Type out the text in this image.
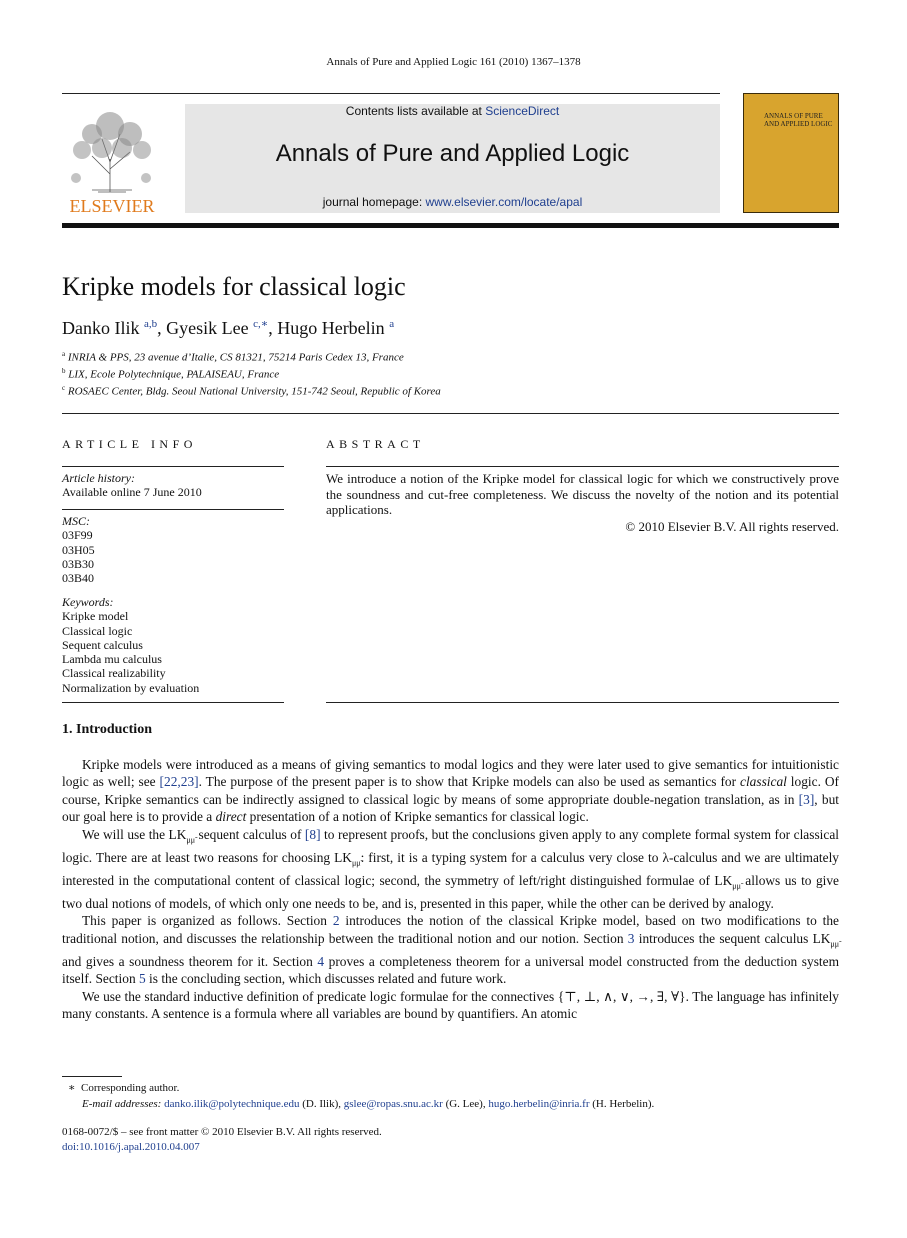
Annals of Pure and Applied Logic 161 (2010) 1367–1378
ELSEVIER
Contents lists available at ScienceDirect
Annals of Pure and Applied Logic
journal homepage: www.elsevier.com/locate/apal
ANNALS OF PURE AND APPLIED LOGIC
Kripke models for classical logic
Danko Ilik $^{a,b}$, Gyesik Lee $^{c,∗}$, Hugo Herbelin $^a$
$^a$ INRIA & PPS, 23 avenue d’Italie, CS 81321, 75214 Paris Cedex 13, France
$^b$ LIX, Ecole Polytechnique, PALAISEAU, France
$^c$ ROSAEC Center, Bldg. Seoul National University, 151-742 Seoul, Republic of Korea
ARTICLE INFO
Article history:
Available online 7 June 2010
MSC:
03F99
03H05
03B30
03B40
Keywords:
Kripke model
Classical logic
Sequent calculus
Lambda mu calculus
Classical realizability
Normalization by evaluation
ABSTRACT
We introduce a notion of the Kripke model for classical logic for which we constructively prove the soundness and cut-free completeness. We discuss the novelty of the notion and its potential applications.
© 2010 Elsevier B.V. All rights reserved.
1. Introduction

Kripke models were introduced as a means of giving semantics to modal logics and they were later used to give semantics for intuitionistic logic as well; see [22,23]. The purpose of the present paper is to show that Kripke models can also be used as semantics for classical logic. Of course, Kripke semantics can be indirectly assigned to classical logic by means of some appropriate double-negation translation, as in [3], but our goal here is to provide a direct presentation of a notion of Kripke semantics for classical logic.

We will use the $LK_{\mu\mũ}$ sequent calculus of [8] to represent proofs, but the conclusions given apply to any complete formal system for classical logic. There are at least two reasons for choosing $LK_{\mu\mũ}$: first, it is a typing system for a calculus very close to λ-calculus and we are ultimately interested in the computational content of classical logic; second, the symmetry of left/right distinguished formulae of $LK_{\mu\mũ}$ allows us to give two dual notions of models, of which only one needs to be, and is, presented in this paper, while the other can be derived by analogy.

This paper is organized as follows. Section 2 introduces the notion of the classical Kripke model, based on two modifications to the traditional notion, and discusses the relationship between the traditional notion and our notion. Section 3 introduces the sequent calculus $LK_{\mu\mũ}$ and gives a soundness theorem for it. Section 4 proves a completeness theorem for a universal model constructed from the deduction system itself. Section 5 is the concluding section, which discusses related and future work.

We use the standard inductive definition of predicate logic formulae for the connectives {⊤, ⊥, ∧, ∨, →, ∃, ∀}. The language has infinitely many constants. A sentence is a formula where all variables are bound by quantifiers. An atomic

∗ Corresponding author.
E-mail addresses: danko.ilik@polytechnique.edu (D. Ilik), gslee@ropas.snu.ac.kr (G. Lee), hugo.herbelin@inria.fr (H. Herbelin).
0168-0072/$ – see front matter © 2010 Elsevier B.V. All rights reserved.
doi:10.1016/j.apal.2010.04.007
